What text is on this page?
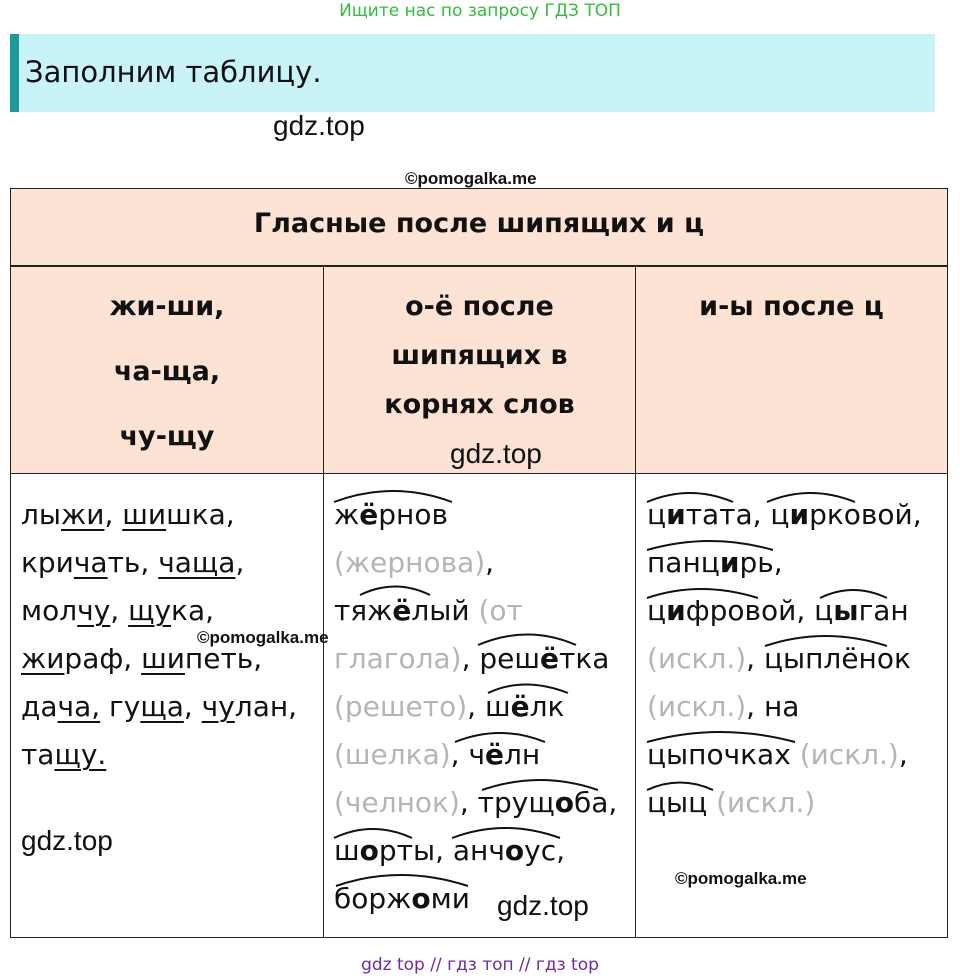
Ищите нас по запросу ГДЗ ТОП
Заполним таблицу.
gdz.top
©pomogalka.me
Гласные после шипящих и ц
жи-ши,
ча-ща,
чу-щу
о-ё после
шипящих в
корнях слов
и-ы после ц
gdz.top
лыжи, шишка,
кричать, чаща,
молчу, щука,
жираф, шипеть,
дача, гуща, чулан,
тащу.
gdz.top
©pomogalka.me
жёрнов
(жернова),
тяжёлый (от
глагола), решётка
(решето), шёлк
(шелка), чёлн
(челнок), трущоба,
шорты, анчоус,
боржоми gdz.top
цитата, цирковой,
панцирь,
цифровой, цыган
(искл.), цыплёнок
(искл.), на
цыпочках (искл.),
цыц (искл.)
©pomogalka.me
gdz top // гдз топ // гдз top
